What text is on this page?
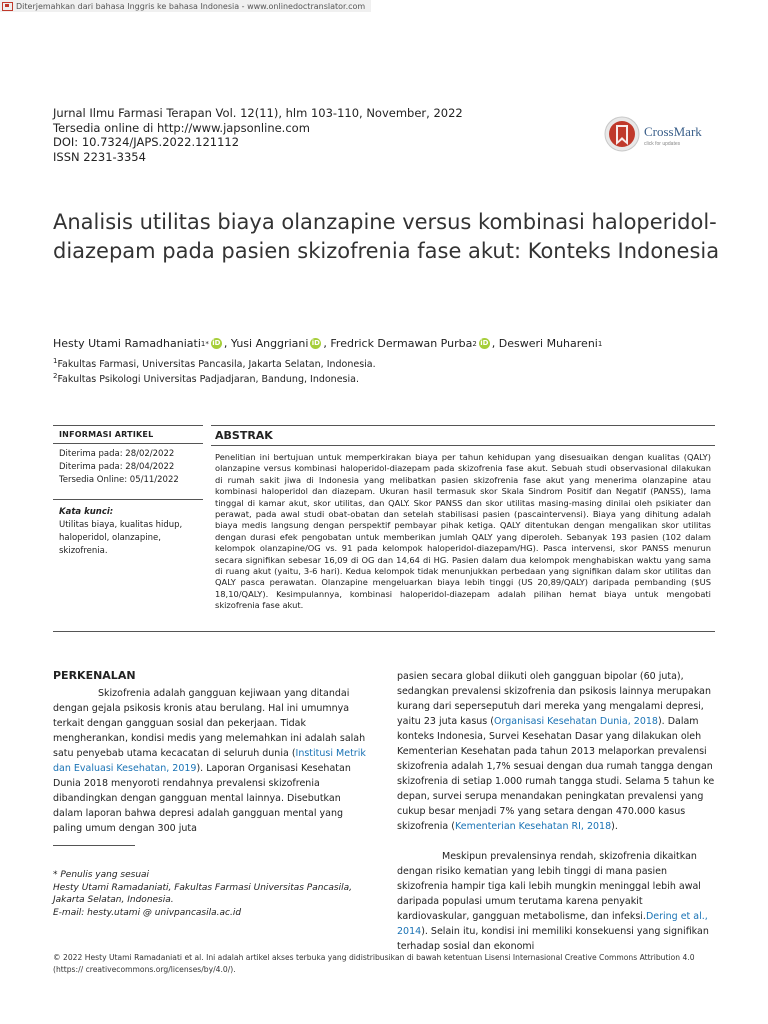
Diterjemahkan dari bahasa Inggris ke bahasa Indonesia - www.onlinedoctranslator.com
Jurnal Ilmu Farmasi Terapan Vol. 12(11), hlm 103-110, November, 2022
Tersedia online di http://www.japsonline.com
DOI: 10.7324/JAPS.2022.121112
ISSN 2231-3354
CrossMark
click for updates
Analisis utilitas biaya olanzapine versus kombinasi haloperidol-diazepam pada pasien skizofrenia fase akut: Konteks Indonesia
Hesty Utami Ramadhaniati 1* iD , Yusi Anggriani iD , Fredrick Dermawan Purba 2 iD , Desweri Muhareni 1
$^1$Fakultas Farmasi, Universitas Pancasila, Jakarta Selatan, Indonesia.
$^2$Fakultas Psikologi Universitas Padjadjaran, Bandung, Indonesia.
INFORMASI ARTIKEL
Diterima pada: 28/02/2022
Diterima pada: 28/04/2022
Tersedia Online: 05/11/2022
Kata kunci:
Utilitas biaya, kualitas hidup, haloperidol, olanzapine, skizofrenia.
ABSTRAK
Penelitian ini bertujuan untuk memperkirakan biaya per tahun kehidupan yang disesuaikan dengan kualitas (QALY) olanzapine versus kombinasi haloperidol-diazepam pada skizofrenia fase akut. Sebuah studi observasional dilakukan di rumah sakit jiwa di Indonesia yang melibatkan pasien skizofrenia fase akut yang menerima olanzapine atau kombinasi haloperidol dan diazepam. Ukuran hasil termasuk skor Skala Sindrom Positif dan Negatif (PANSS), lama tinggal di kamar akut, skor utilitas, dan QALY. Skor PANSS dan skor utilitas masing-masing dinilai oleh psikiater dan perawat, pada awal studi obat-obatan dan setelah stabilisasi pasien (pascaintervensi). Biaya yang dihitung adalah biaya medis langsung dengan perspektif pembayar pihak ketiga. QALY ditentukan dengan mengalikan skor utilitas dengan durasi efek pengobatan untuk memberikan jumlah QALY yang diperoleh. Sebanyak 193 pasien (102 dalam kelompok olanzapine/OG vs. 91 pada kelompok haloperidol-diazepam/HG). Pasca intervensi, skor PANSS menurun secara signifikan sebesar 16,09 di OG dan 14,64 di HG. Pasien dalam dua kelompok menghabiskan waktu yang sama di ruang akut (yaitu, 3-6 hari). Kedua kelompok tidak menunjukkan perbedaan yang signifikan dalam skor utilitas dan QALY pasca perawatan. Olanzapine mengeluarkan biaya lebih tinggi (US 20,89/QALY) daripada pembanding ($US 18,10/QALY). Kesimpulannya, kombinasi haloperidol-diazepam adalah pilihan hemat biaya untuk mengobati skizofrenia fase akut.
PERKENALAN
Skizofrenia adalah gangguan kejiwaan yang ditandai dengan gejala psikosis kronis atau berulang. Hal ini umumnya terkait dengan gangguan sosial dan pekerjaan. Tidak mengherankan, kondisi medis yang melemahkan ini adalah salah satu penyebab utama kecacatan di seluruh dunia (Institusi Metrik dan Evaluasi Kesehatan, 2019). Laporan Organisasi Kesehatan Dunia 2018 menyoroti rendahnya prevalensi skizofrenia dibandingkan dengan gangguan mental lainnya. Disebutkan dalam laporan bahwa depresi adalah gangguan mental yang paling umum dengan 300 juta
pasien secara global diikuti oleh gangguan bipolar (60 juta), sedangkan prevalensi skizofrenia dan psikosis lainnya merupakan kurang dari seperseputuh dari mereka yang mengalami depresi, yaitu 23 juta kasus (Organisasi Kesehatan Dunia, 2018). Dalam konteks Indonesia, Survei Kesehatan Dasar yang dilakukan oleh Kementerian Kesehatan pada tahun 2013 melaporkan prevalensi skizofrenia adalah 1,7% sesuai dengan dua rumah tangga dengan skizofrenia di setiap 1.000 rumah tangga studi. Selama 5 tahun ke depan, survei serupa menandakan peningkatan prevalensi yang cukup besar menjadi 7% yang setara dengan 470.000 kasus skizofrenia (Kementerian Kesehatan RI, 2018).
Meskipun prevalensinya rendah, skizofrenia dikaitkan dengan risiko kematian yang lebih tinggi di mana pasien skizofrenia hampir tiga kali lebih mungkin meninggal lebih awal daripada populasi umum terutama karena penyakit kardiovaskular, gangguan metabolisme, dan infeksi.Dering et al., 2014). Selain itu, kondisi ini memiliki konsekuensi yang signifikan terhadap sosial dan ekonomi
* Penulis yang sesuai
Hesty Utami Ramadaniati, Fakultas Farmasi Universitas Pancasila, Jakarta Selatan, Indonesia.
E-mail: hesty.utami @ univpancasila.ac.id
© 2022 Hesty Utami Ramadaniati et al. Ini adalah artikel akses terbuka yang didistribusikan di bawah ketentuan Lisensi Internasional Creative Commons Attribution 4.0 (https:// creativecommons.org/licenses/by/4.0/).
